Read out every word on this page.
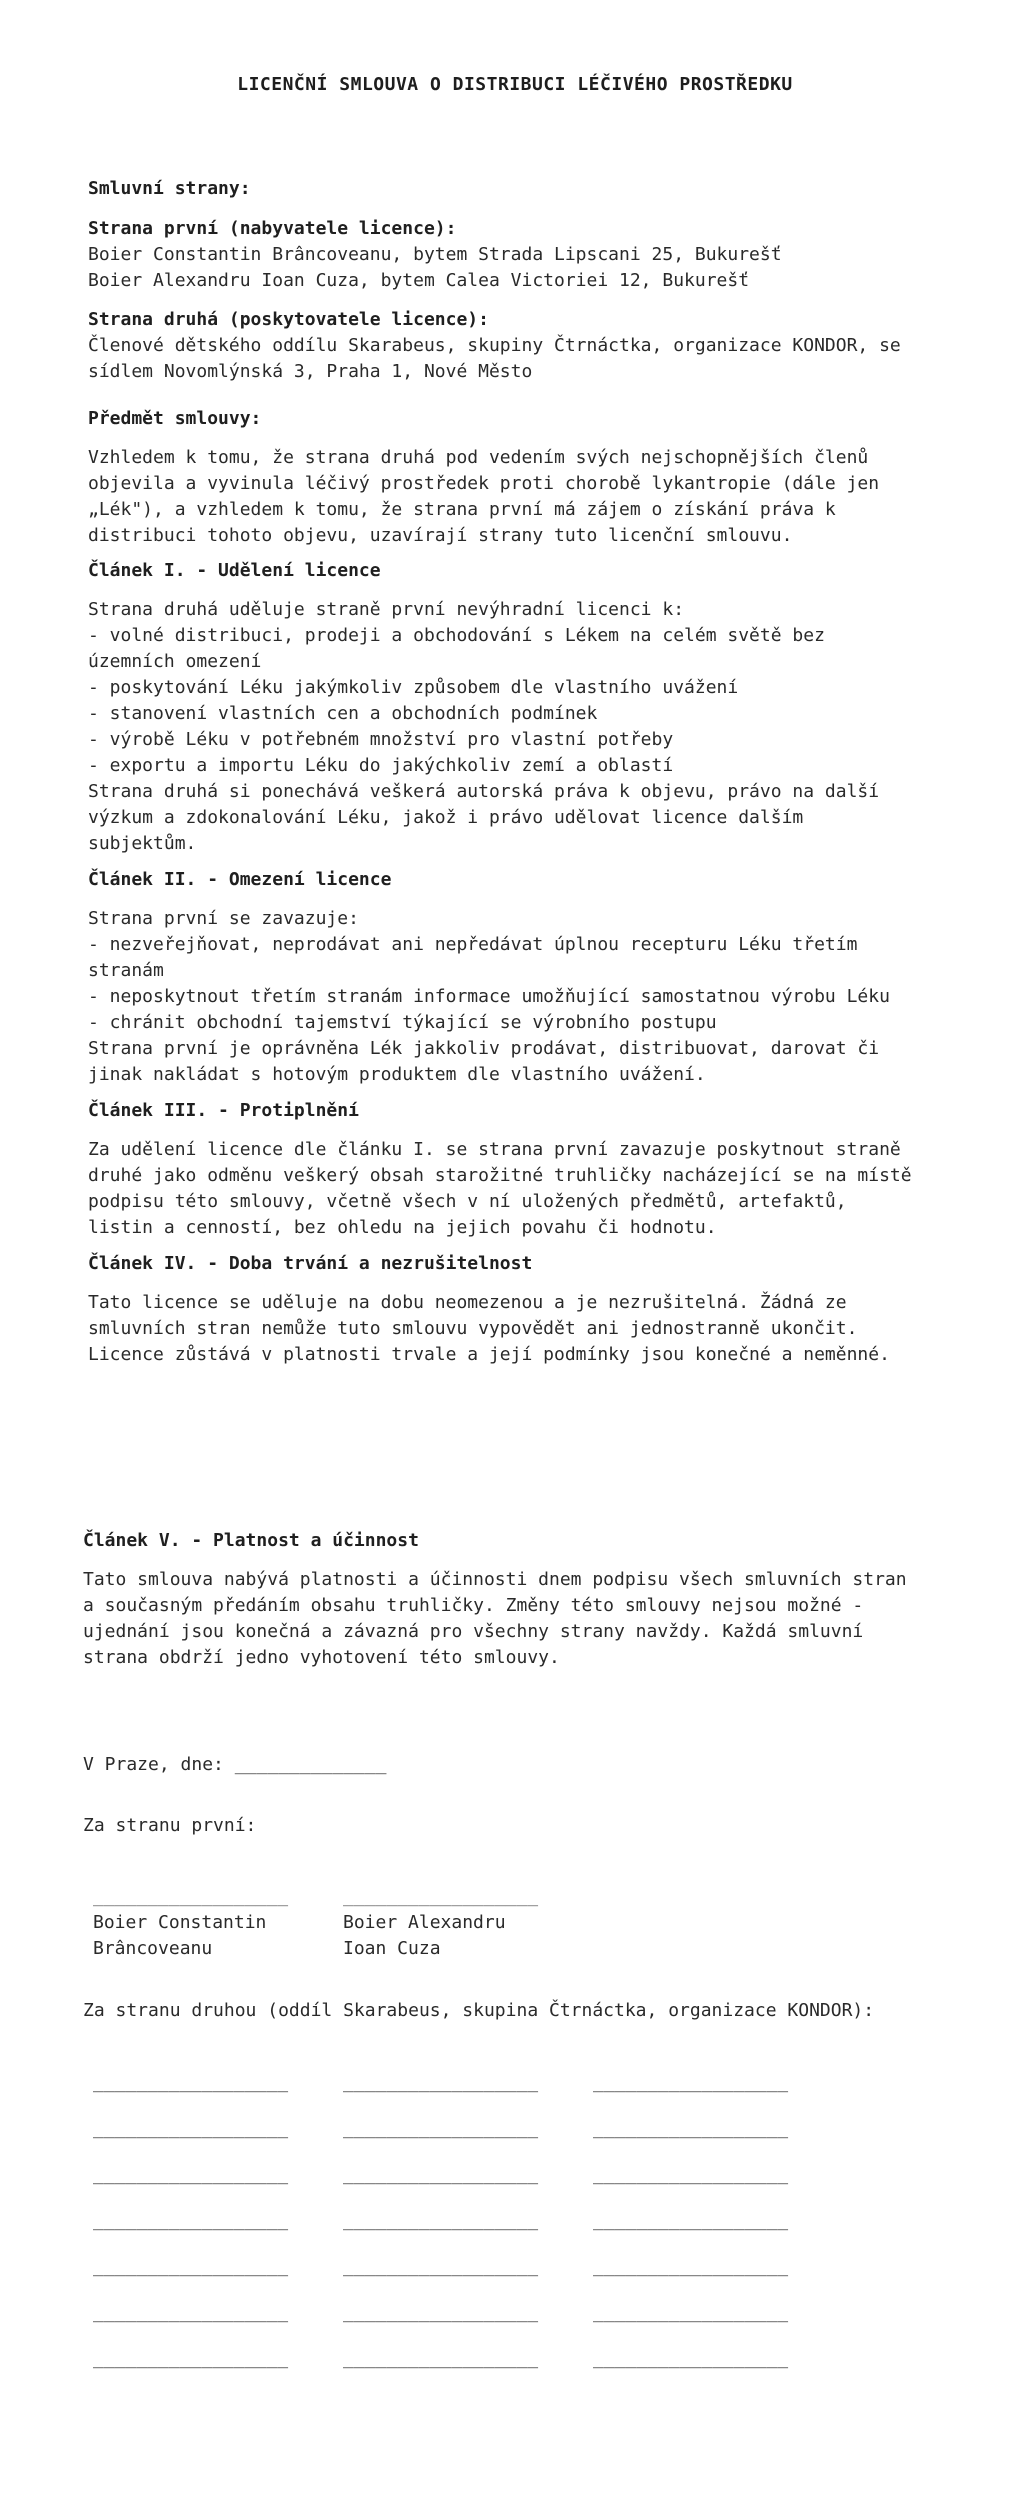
LICENČNÍ SMLOUVA O DISTRIBUCI LÉČIVÉHO PROSTŘEDKU

Smluvní strany:

Strana první (nabyvatele licence):

Boier Constantin Brâncoveanu, bytem Strada Lipscani 25, Bukurešť

Boier Alexandru Ioan Cuza, bytem Calea Victoriei 12, Bukurešť

Strana druhá (poskytovatele licence):

Členové dětského oddílu Skarabeus, skupiny Čtrnáctka, organizace KONDOR, se

sídlem Novomlýnská 3, Praha 1, Nové Město

Předmět smlouvy:

Vzhledem k tomu, že strana druhá pod vedením svých nejschopnějších členů

objevila a vyvinula léčivý prostředek proti chorobě lykantropie (dále jen

„Lék"), a vzhledem k tomu, že strana první má zájem o získání práva k

distribuci tohoto objevu, uzavírají strany tuto licenční smlouvu.

Článek I. - Udělení licence

Strana druhá uděluje straně první nevýhradní licenci k:

- volné distribuci, prodeji a obchodování s Lékem na celém světě bez

územních omezení

- poskytování Léku jakýmkoliv způsobem dle vlastního uvážení

- stanovení vlastních cen a obchodních podmínek

- výrobě Léku v potřebném množství pro vlastní potřeby

- exportu a importu Léku do jakýchkoliv zemí a oblastí

Strana druhá si ponechává veškerá autorská práva k objevu, právo na další

výzkum a zdokonalování Léku, jakož i právo udělovat licence dalším

subjektům.

Článek II. - Omezení licence

Strana první se zavazuje:

- nezveřejňovat, neprodávat ani nepředávat úplnou recepturu Léku třetím

stranám

- neposkytnout třetím stranám informace umožňující samostatnou výrobu Léku

- chránit obchodní tajemství týkající se výrobního postupu

Strana první je oprávněna Lék jakkoliv prodávat, distribuovat, darovat či

jinak nakládat s hotovým produktem dle vlastního uvážení.

Článek III. - Protiplnění

Za udělení licence dle článku I. se strana první zavazuje poskytnout straně

druhé jako odměnu veškerý obsah starožitné truhličky nacházející se na místě

podpisu této smlouvy, včetně všech v ní uložených předmětů, artefaktů,

listin a cenností, bez ohledu na jejich povahu či hodnotu.

Článek IV. - Doba trvání a nezrušitelnost

Tato licence se uděluje na dobu neomezenou a je nezrušitelná. Žádná ze

smluvních stran nemůže tuto smlouvu vypovědět ani jednostranně ukončit.

Licence zůstává v platnosti trvale a její podmínky jsou konečné a neměnné.

Článek V. - Platnost a účinnost

Tato smlouva nabývá platnosti a účinnosti dnem podpisu všech smluvních stran

a současným předáním obsahu truhličky. Změny této smlouvy nejsou možné -

ujednání jsou konečná a závazná pro všechny strany navždy. Každá smluvní

strana obdrží jedno vyhotovení této smlouvy.

V Praze, dne: ______________

Za stranu první:

__________________

Boier Constantin

Brâncoveanu

__________________

Boier Alexandru

Ioan Cuza

Za stranu druhou (oddíl Skarabeus, skupina Čtrnáctka, organizace KONDOR):

__________________	__________________	__________________
__________________	__________________	__________________
__________________	__________________	__________________
__________________	__________________	__________________
__________________	__________________	__________________
__________________	__________________	__________________
__________________	__________________	__________________
